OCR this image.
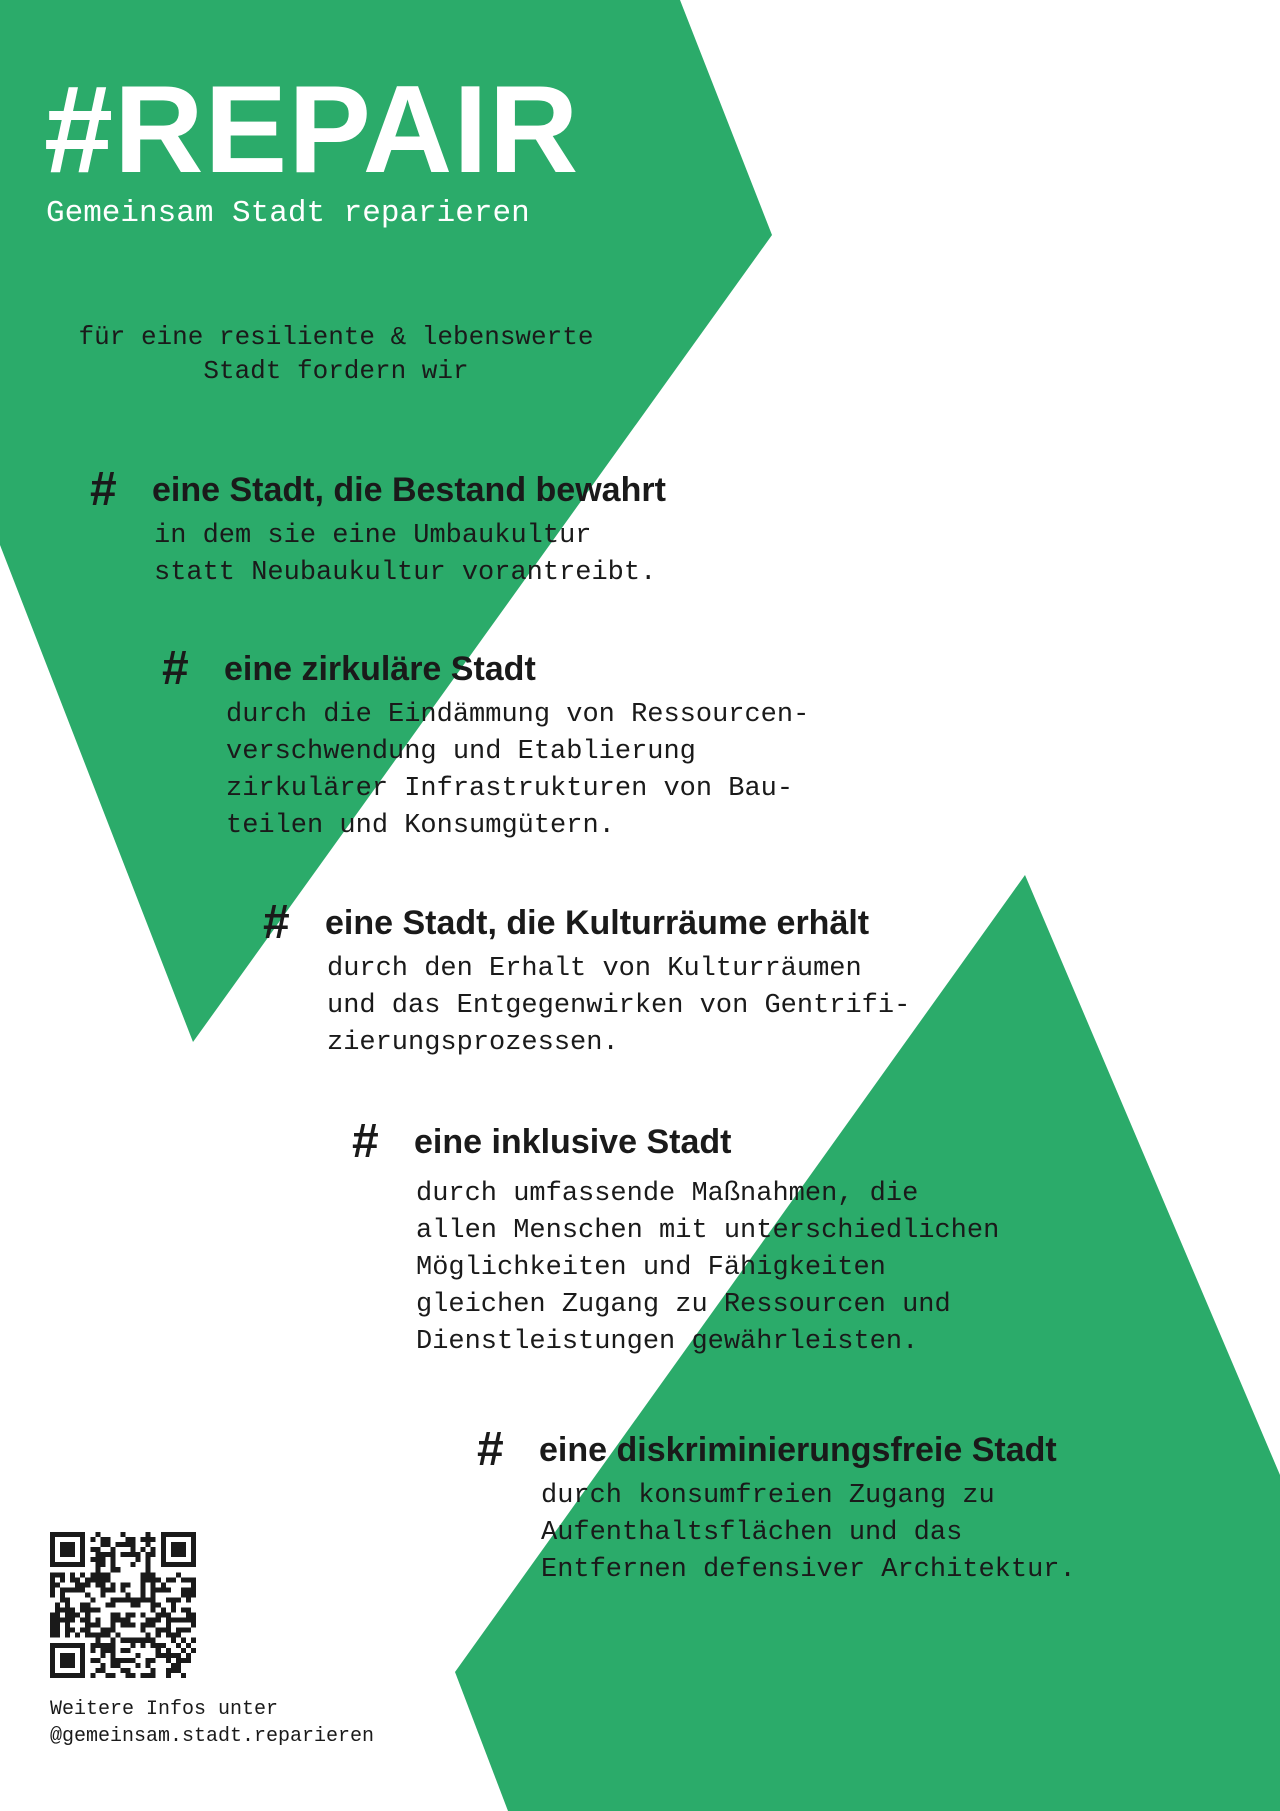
#REPAIR
Gemeinsam Stadt reparieren
für eine resiliente & lebenswerte
Stadt fordern wir
# eine Stadt, die Bestand bewahrt
in dem sie eine Umbaukultur
statt Neubaukultur vorantreibt.
# eine zirkuläre Stadt
durch die Eindämmung von Ressourcen-
verschwendung und Etablierung
zirkulärer Infrastrukturen von Bau-
teilen und Konsumgütern.
# eine Stadt, die Kulturräume erhält
durch den Erhalt von Kulturräumen
und das Entgegenwirken von Gentrifi-
zierungsprozessen.
# eine inklusive Stadt
durch umfassende Maßnahmen, die
allen Menschen mit unterschiedlichen
Möglichkeiten und Fähigkeiten
gleichen Zugang zu Ressourcen und
Dienstleistungen gewährleisten.
# eine diskriminierungsfreie Stadt
durch konsumfreien Zugang zu
Aufenthaltsflächen und das
Entfernen defensiver Architektur.
Weitere Infos unter
@gemeinsam.stadt.reparieren
